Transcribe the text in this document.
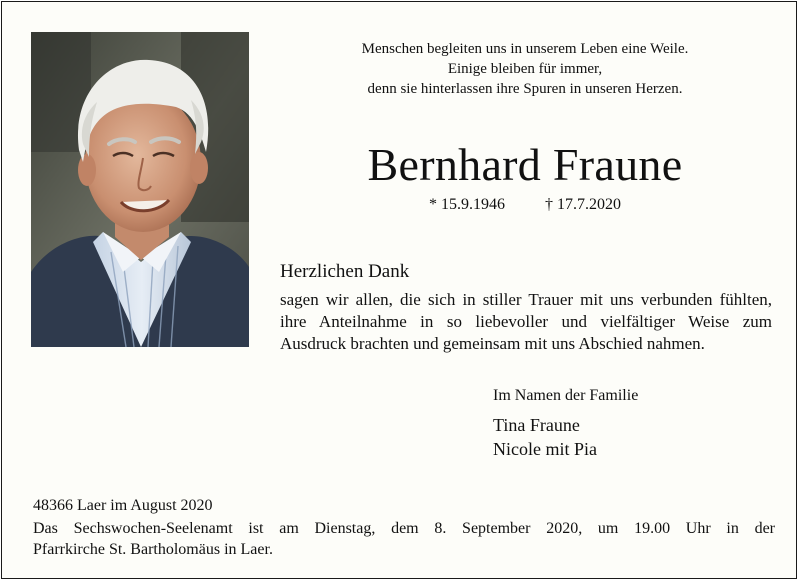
Menschen begleiten uns in unserem Leben eine Weile.
Einige bleiben für immer,
denn sie hinterlassen ihre Spuren in unseren Herzen.
Bernhard Fraune
* 15.9.1946	† 17.7.2020
Herzlichen Dank
sagen wir allen, die sich in stiller Trauer mit uns verbunden fühlten,
ihre Anteilnahme in so liebevoller und vielfältiger Weise zum
Ausdruck brachten und gemeinsam mit uns Abschied nahmen.
Im Namen der Familie
Tina Fraune
Nicole mit Pia
48366 Laer im August 2020
Das Sechswochen-Seelenamt ist am Dienstag, dem 8. September 2020, um 19.00 Uhr in der
Pfarrkirche St. Bartholomäus in Laer.
